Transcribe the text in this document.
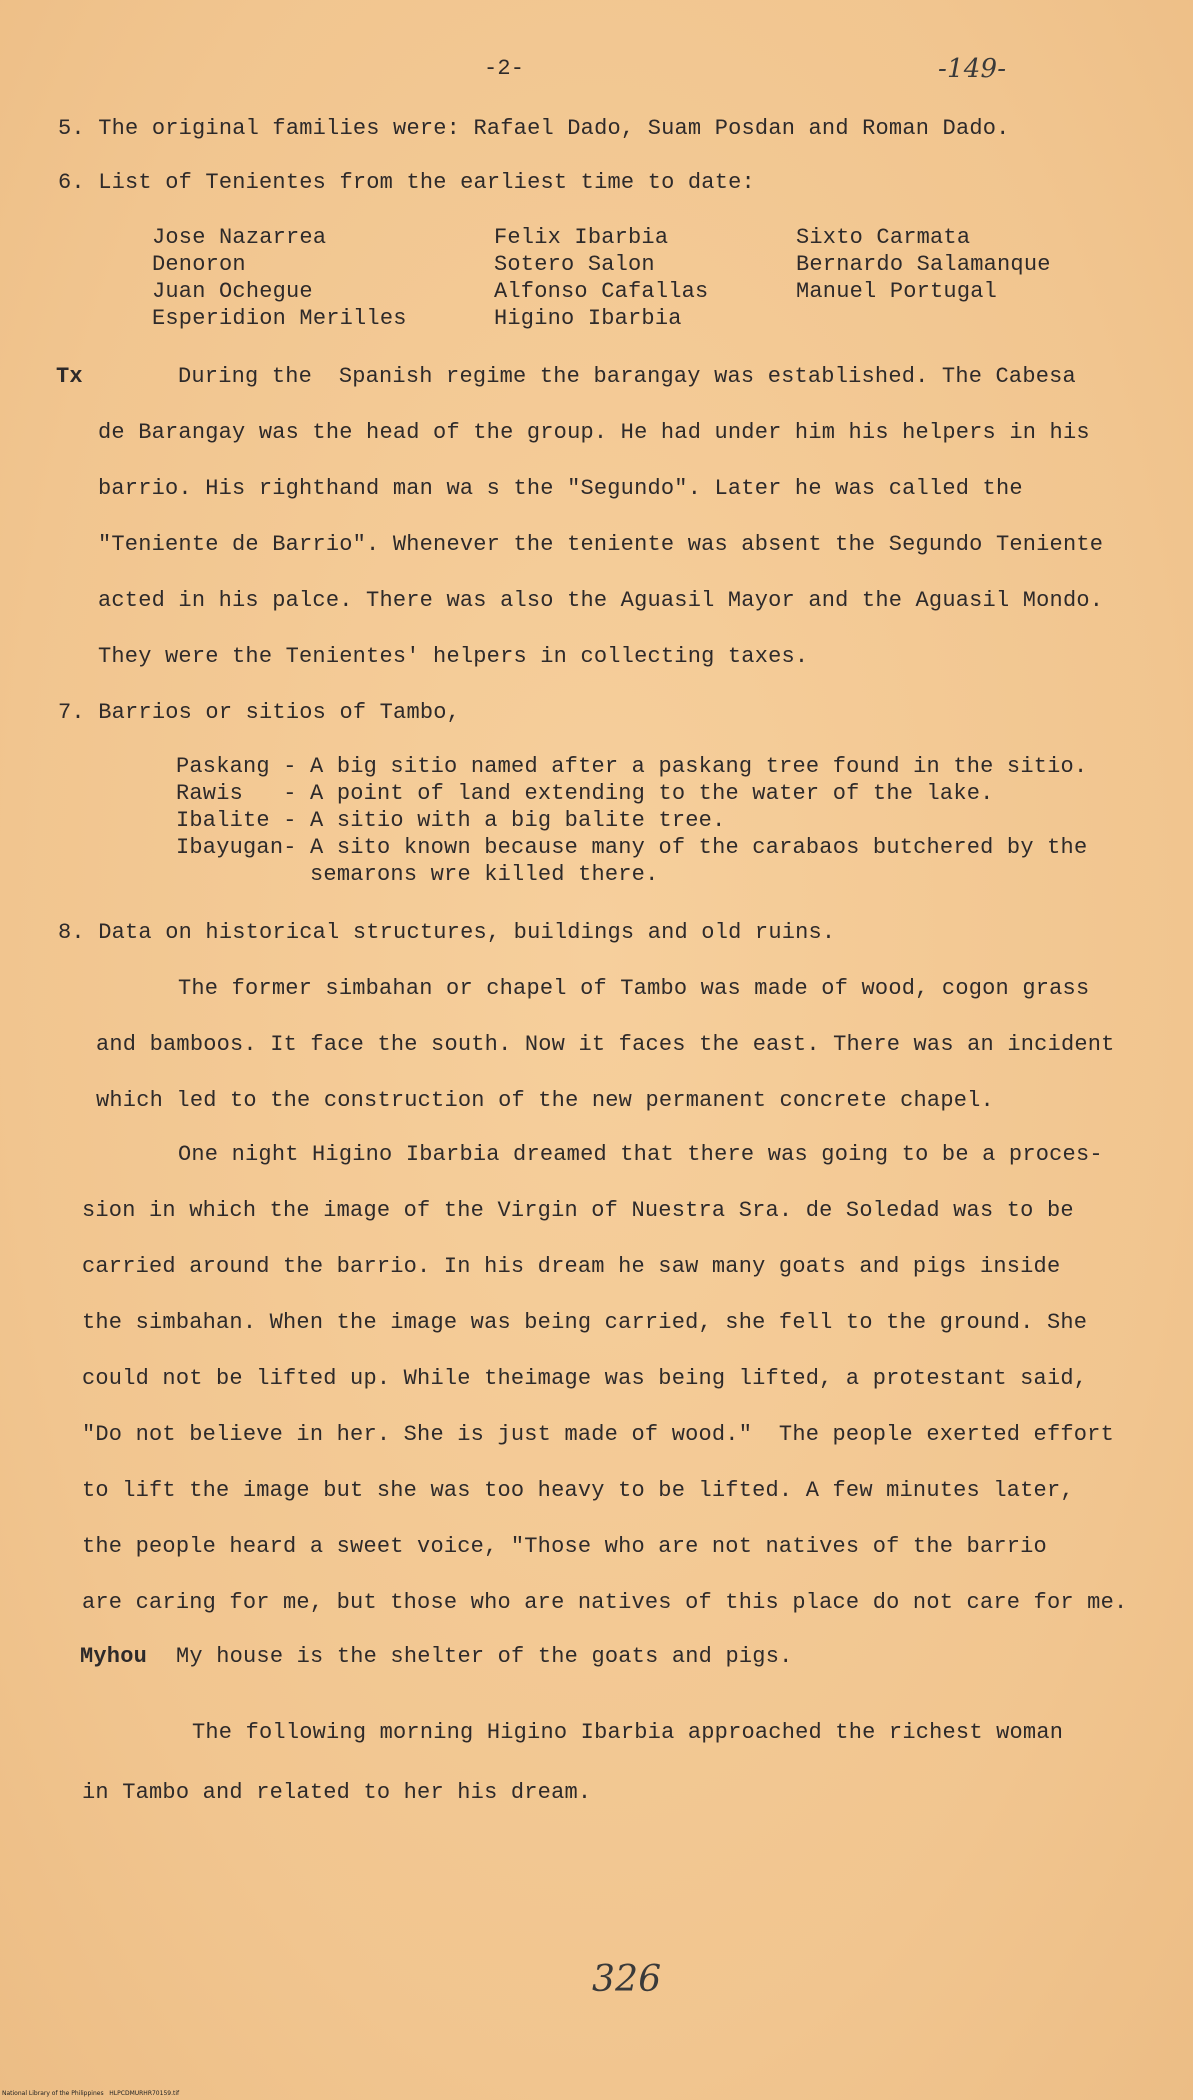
-2-	-149-
5. The original families were: Rafael Dado, Suam Posdan and Roman Dado.
6. List of Tenientes from the earliest time to date:
Jose Nazarrea
Denoron
Juan Ochegue
Esperidion Merilles
Felix Ibarbia
Sotero Salon
Alfonso Cafallas
Higino Ibarbia
Sixto Carmata
Bernardo Salamanque
Manuel Portugal
Tx	During the  Spanish regime the barangay was established. The Cabesa
de Barangay was the head of the group. He had under him his helpers in his
barrio. His righthand man wa s the "Segundo". Later he was called the
"Teniente de Barrio". Whenever the teniente was absent the Segundo Teniente
acted in his palce. There was also the Aguasil Mayor and the Aguasil Mondo.
They were the Tenientes' helpers in collecting taxes.
7. Barrios or sitios of Tambo,
Paskang - A big sitio named after a paskang tree found in the sitio.
Rawis   - A point of land extending to the water of the lake.
Ibalite - A sitio with a big balite tree.
Ibayugan- A sito known because many of the carabaos butchered by the
semarons wre killed there.
8. Data on historical structures, buildings and old ruins.
The former simbahan or chapel of Tambo was made of wood, cogon grass
and bamboos. It face the south. Now it faces the east. There was an incident
which led to the construction of the new permanent concrete chapel.
One night Higino Ibarbia dreamed that there was going to be a proces-
sion in which the image of the Virgin of Nuestra Sra. de Soledad was to be
carried around the barrio. In his dream he saw many goats and pigs inside
the simbahan. When the image was being carried, she fell to the ground. She
could not be lifted up. While theimage was being lifted, a protestant said,
"Do not believe in her. She is just made of wood."  The people exerted effort
to lift the image but she was too heavy to be lifted. A few minutes later,
the people heard a sweet voice, "Those who are not natives of the barrio
are caring for me, but those who are natives of this place do not care for me.
Myhou My house is the shelter of the goats and pigs.
The following morning Higino Ibarbia approached the richest woman
in Tambo and related to her his dream.
326
National Library of the Philippines   HLPCDMURHR70159.tif
